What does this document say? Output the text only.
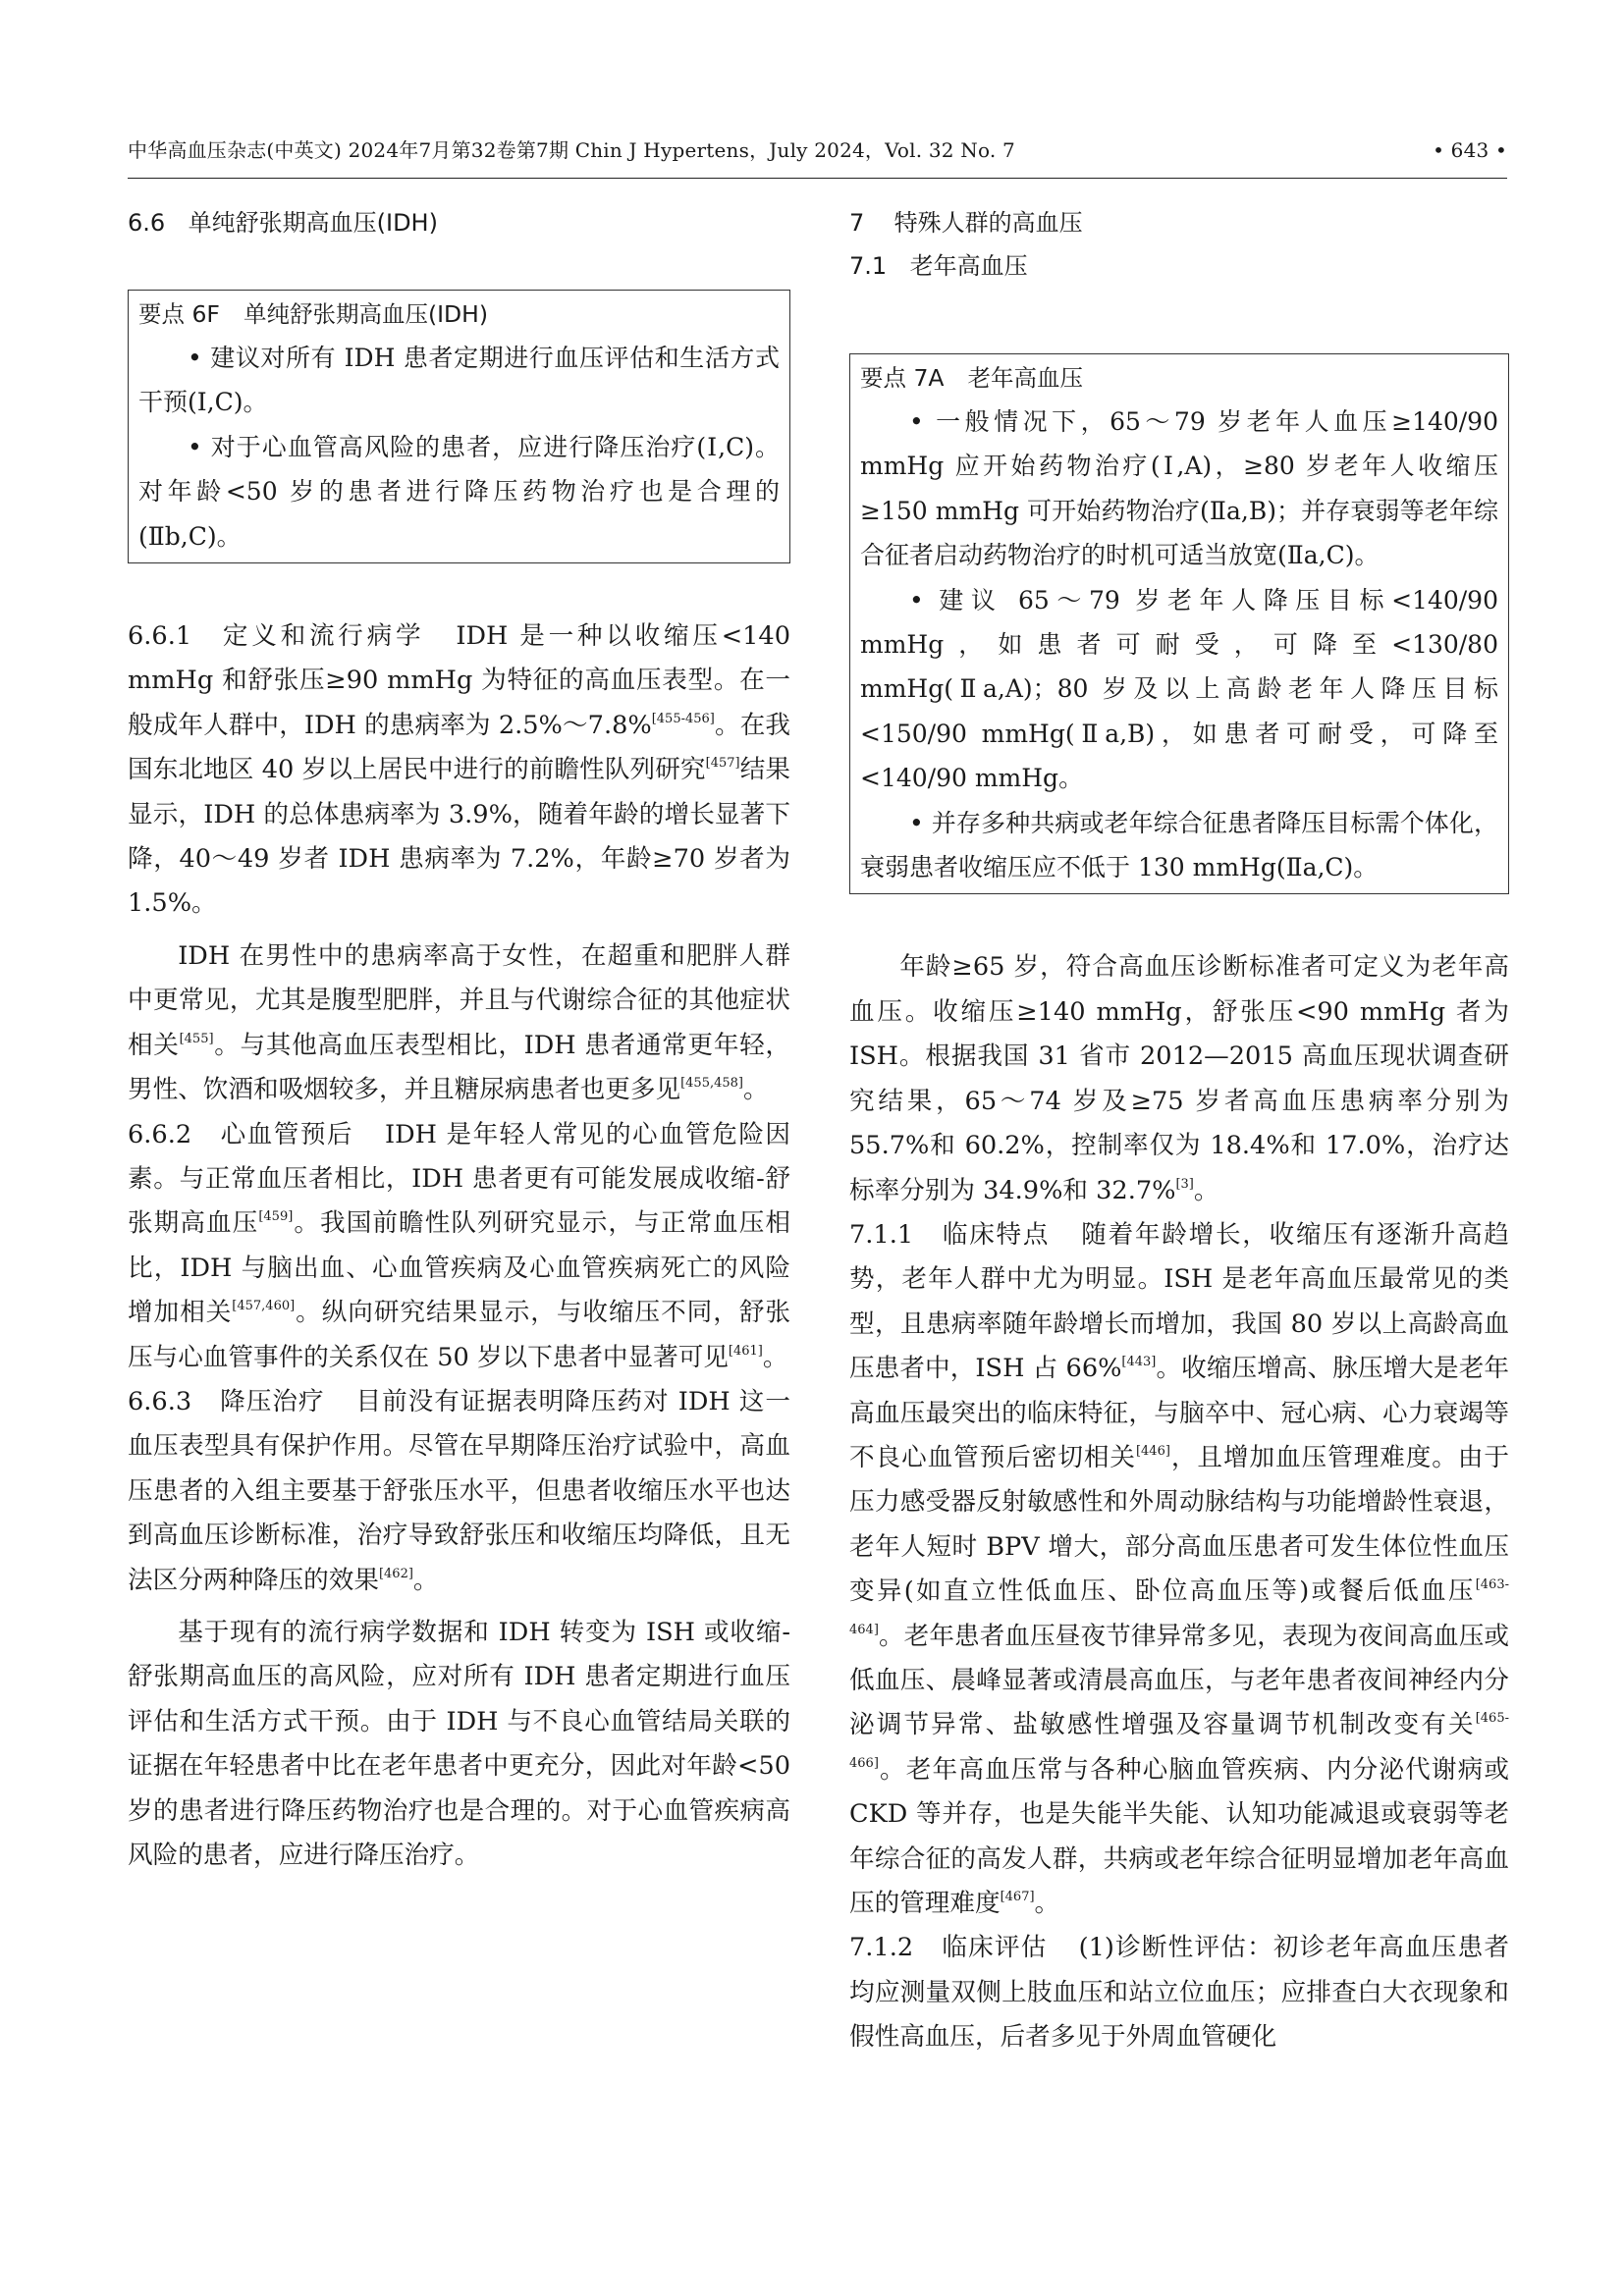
中华高血压杂志(中英文) 2024年7月第32卷第7期 Chin J Hypertens，July 2024，Vol. 32 No. 7	• 643 •
6.6 单纯舒张期高血压(IDH)
要点 6F 单纯舒张期高血压(IDH)

• 建议对所有 IDH 患者定期进行血压评估和生活方式干预(Ⅰ,C)。

• 对于心血管高风险的患者，应进行降压治疗(Ⅰ,C)。对年龄<50 岁的患者进行降压药物治疗也是合理的(Ⅱb,C)。

6.6.1 定义和流行病学 IDH 是一种以收缩压<140 mmHg 和舒张压≥90 mmHg 为特征的高血压表型。在一般成年人群中，IDH 的患病率为 2.5%～7.8%[455-456]。在我国东北地区 40 岁以上居民中进行的前瞻性队列研究[457]结果显示，IDH 的总体患病率为 3.9%，随着年龄的增长显著下降，40～49 岁者 IDH 患病率为 7.2%，年龄≥70 岁者为 1.5%。

IDH 在男性中的患病率高于女性，在超重和肥胖人群中更常见，尤其是腹型肥胖，并且与代谢综合征的其他症状相关[455]。与其他高血压表型相比，IDH 患者通常更年轻，男性、饮酒和吸烟较多，并且糖尿病患者也更多见[455,458]。

6.6.2 心血管预后 IDH 是年轻人常见的心血管危险因素。与正常血压者相比，IDH 患者更有可能发展成收缩-舒张期高血压[459]。我国前瞻性队列研究显示，与正常血压相比，IDH 与脑出血、心血管疾病及心血管疾病死亡的风险增加相关[457,460]。纵向研究结果显示，与收缩压不同，舒张压与心血管事件的关系仅在 50 岁以下患者中显著可见[461]。

6.6.3 降压治疗 目前没有证据表明降压药对 IDH 这一血压表型具有保护作用。尽管在早期降压治疗试验中，高血压患者的入组主要基于舒张压水平，但患者收缩压水平也达到高血压诊断标准，治疗导致舒张压和收缩压均降低，且无法区分两种降压的效果[462]。

基于现有的流行病学数据和 IDH 转变为 ISH 或收缩-舒张期高血压的高风险，应对所有 IDH 患者定期进行血压评估和生活方式干预。由于 IDH 与不良心血管结局关联的证据在年轻患者中比在老年患者中更充分，因此对年龄<50 岁的患者进行降压药物治疗也是合理的。对于心血管疾病高风险的患者，应进行降压治疗。

7 特殊人群的高血压
7.1 老年高血压
要点 7A 老年高血压

• 一般情况下，65～79 岁老年人血压≥140/90 mmHg 应开始药物治疗(Ⅰ,A)，≥80 岁老年人收缩压≥150 mmHg 可开始药物治疗(Ⅱa,B)；并存衰弱等老年综合征者启动药物治疗的时机可适当放宽(Ⅱa,C)。

• 建议 65～79 岁老年人降压目标<140/90 mmHg，如患者可耐受，可降至<130/80 mmHg(Ⅱa,A)；80 岁及以上高龄老年人降压目标<150/90 mmHg(Ⅱa,B)，如患者可耐受，可降至<140/90 mmHg。

• 并存多种共病或老年综合征患者降压目标需个体化，衰弱患者收缩压应不低于 130 mmHg(Ⅱa,C)。

年龄≥65 岁，符合高血压诊断标准者可定义为老年高血压。收缩压≥140 mmHg，舒张压<90 mmHg 者为 ISH。根据我国 31 省市 2012—2015 高血压现状调查研究结果，65～74 岁及≥75 岁者高血压患病率分别为 55.7%和 60.2%，控制率仅为 18.4%和 17.0%，治疗达标率分别为 34.9%和 32.7%[3]。

7.1.1 临床特点 随着年龄增长，收缩压有逐渐升高趋势，老年人群中尤为明显。ISH 是老年高血压最常见的类型，且患病率随年龄增长而增加，我国 80 岁以上高龄高血压患者中，ISH 占 66%[443]。收缩压增高、脉压增大是老年高血压最突出的临床特征，与脑卒中、冠心病、心力衰竭等不良心血管预后密切相关[446]，且增加血压管理难度。由于压力感受器反射敏感性和外周动脉结构与功能增龄性衰退，老年人短时 BPV 增大，部分高血压患者可发生体位性血压变异(如直立性低血压、卧位高血压等)或餐后低血压[463-464]。老年患者血压昼夜节律异常多见，表现为夜间高血压或低血压、晨峰显著或清晨高血压，与老年患者夜间神经内分泌调节异常、盐敏感性增强及容量调节机制改变有关[465-466]。老年高血压常与各种心脑血管疾病、内分泌代谢病或 CKD 等并存，也是失能半失能、认知功能减退或衰弱等老年综合征的高发人群，共病或老年综合征明显增加老年高血压的管理难度[467]。

7.1.2 临床评估 (1)诊断性评估：初诊老年高血压患者均应测量双侧上肢血压和站立位血压；应排查白大衣现象和假性高血压，后者多见于外周血管硬化
